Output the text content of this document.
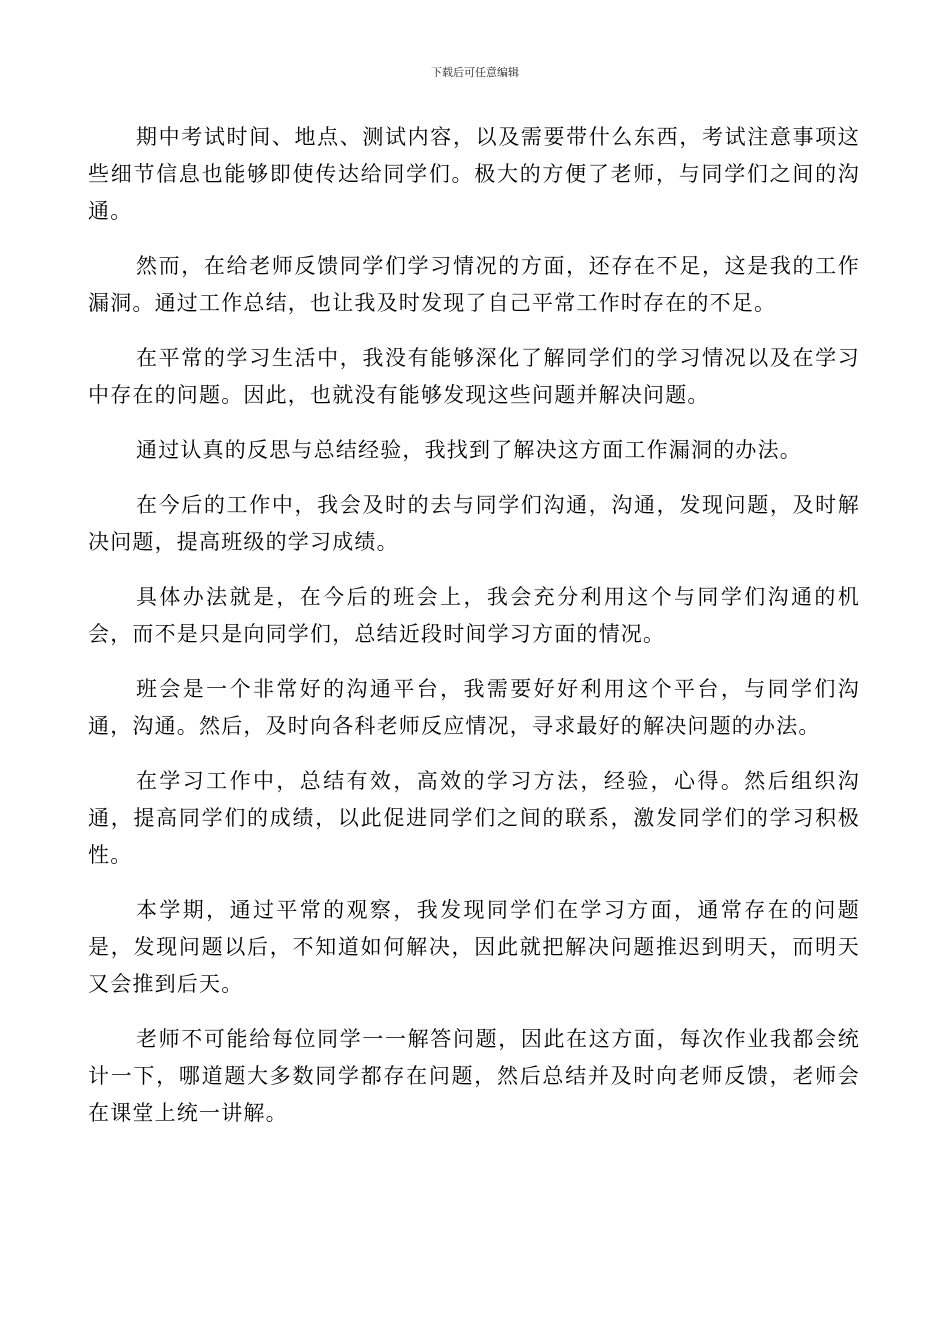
下载后可任意编辑

期中考试时间、地点、测试内容，以及需要带什么东西，考试注意事项这些细节信息也能够即使传达给同学们。极大的方便了老师，与同学们之间的沟通。

然而，在给老师反馈同学们学习情况的方面，还存在不足，这是我的工作漏洞。通过工作总结，也让我及时发现了自己平常工作时存在的不足。

在平常的学习生活中，我没有能够深化了解同学们的学习情况以及在学习中存在的问题。因此，也就没有能够发现这些问题并解决问题。

通过认真的反思与总结经验，我找到了解决这方面工作漏洞的办法。

在今后的工作中，我会及时的去与同学们沟通，沟通，发现问题，及时解决问题，提高班级的学习成绩。

具体办法就是，在今后的班会上，我会充分利用这个与同学们沟通的机会，而不是只是向同学们，总结近段时间学习方面的情况。

班会是一个非常好的沟通平台，我需要好好利用这个平台，与同学们沟通，沟通。然后，及时向各科老师反应情况，寻求最好的解决问题的办法。

在学习工作中，总结有效，高效的学习方法，经验，心得。然后组织沟通，提高同学们的成绩，以此促进同学们之间的联系，激发同学们的学习积极性。

本学期，通过平常的观察，我发现同学们在学习方面，通常存在的问题是，发现问题以后，不知道如何解决，因此就把解决问题推迟到明天，而明天又会推到后天。

老师不可能给每位同学一一解答问题，因此在这方面，每次作业我都会统计一下，哪道题大多数同学都存在问题，然后总结并及时向老师反馈，老师会在课堂上统一讲解。
